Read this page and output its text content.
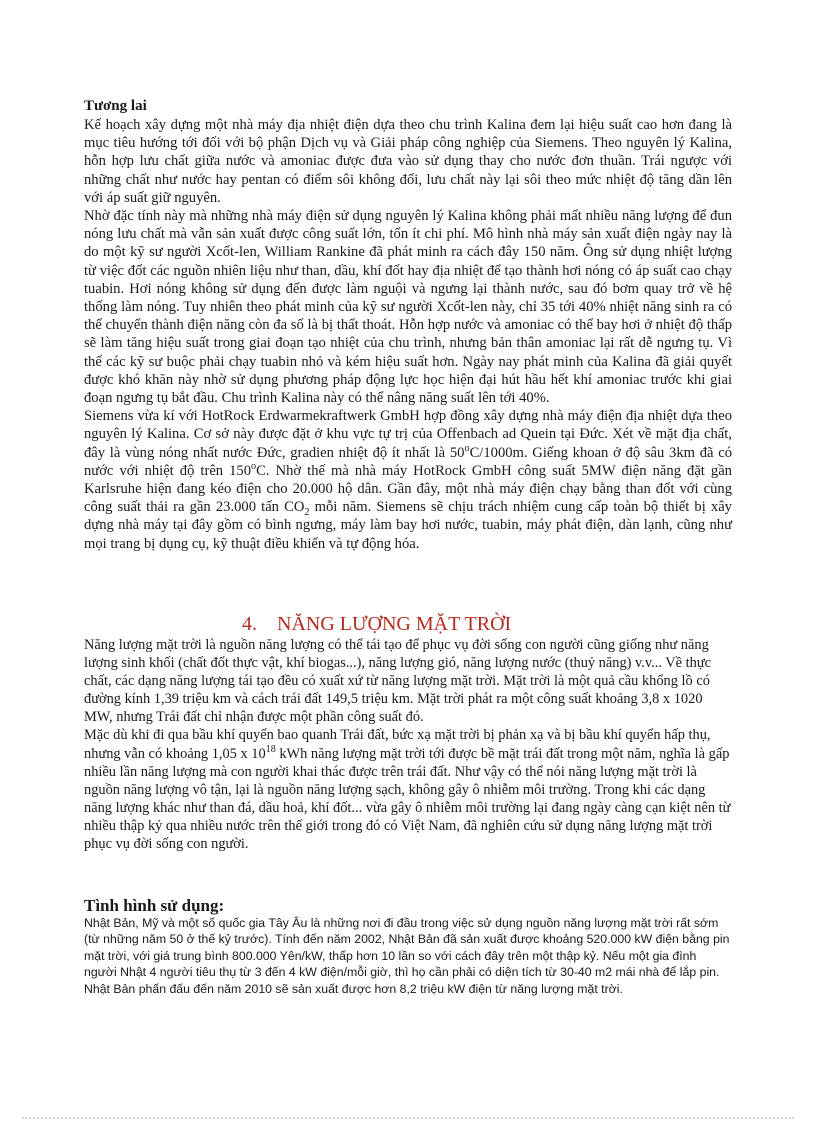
Tương lai

Kế hoạch xây dựng một nhà máy địa nhiệt điện dựa theo chu trình Kalina đem lại hiệu suất cao hơn đang là mục tiêu hướng tới đối với bộ phận Dịch vụ và Giải pháp công nghiệp của Siemens. Theo nguyên lý Kalina, hỗn hợp lưu chất giữa nước và amoniac được đưa vào sử dụng thay cho nước đơn thuần. Trái ngược với những chất như nước hay pentan có điểm sôi không đổi, lưu chất này lại sôi theo mức nhiệt độ tăng dần lên với áp suất giữ nguyên.

Nhờ đặc tính này mà những nhà máy điện sử dụng nguyên lý Kalina không phải mất nhiều năng lượng để đun nóng lưu chất mà vẫn sản xuất được công suất lớn, tốn ít chi phí. Mô hình nhà máy sản xuất điện ngày nay là do một kỹ sư người Xcốt-len, William Rankine đã phát minh ra cách đây 150 năm. Ông sử dụng nhiệt lượng từ việc đốt các nguồn nhiên liệu như than, dầu, khí đốt hay địa nhiệt để tạo thành hơi nóng có áp suất cao chạy tuabin. Hơi nóng không sử dụng đến được làm nguội và ngưng lại thành nước, sau đó bơm quay trở về hệ thống làm nóng. Tuy nhiên theo phát minh của kỹ sư người Xcốt-len này, chỉ 35 tới 40% nhiệt năng sinh ra có thể chuyển thành điện năng còn đa số là bị thất thoát. Hỗn hợp nước và amoniac có thể bay hơi ở nhiệt độ thấp sẽ làm tăng hiệu suất trong giai đoạn tạo nhiệt của chu trình, nhưng bản thân amoniac lại rất dễ ngưng tụ. Vì thế các kỹ sư buộc phải chạy tuabin nhỏ và kém hiệu suất hơn. Ngày nay phát minh của Kalina đã giải quyết được khó khăn này nhờ sử dụng phương pháp động lực học hiện đại hút hầu hết khí amoniac trước khi giai đoạn ngưng tụ bắt đầu. Chu trình Kalina này có thể nâng năng suất lên tới 40%.

Siemens vừa kí với HotRock Erdwarmekraftwerk GmbH hợp đồng xây dựng nhà máy điện địa nhiệt dựa theo nguyên lý Kalina. Cơ sở này được đặt ở khu vực tự trị của Offenbach ad Quein tại Đức. Xét về mặt địa chất, đây là vùng nóng nhất nước Đức, gradien nhiệt độ ít nhất là 50$^o$C/1000m. Giếng khoan ở độ sâu 3km đã có nước với nhiệt độ trên 150$^o$C. Nhờ thế mà nhà máy HotRock GmbH công suất 5MW điện năng đặt gần Karlsruhe hiện đang kéo điện cho 20.000 hộ dân. Gần đây, một nhà máy điện chạy bằng than đốt với cùng công suất thải ra gần 23.000 tấn $CO_2$ mỗi năm. Siemens sẽ chịu trách nhiệm cung cấp toàn bộ thiết bị xây dựng nhà máy tại đây gồm có bình ngưng, máy làm bay hơi nước, tuabin, máy phát điện, dàn lạnh, cũng như mọi trang bị dụng cụ, kỹ thuật điều khiển và tự động hóa.

4. NĂNG LƯỢNG MẶT TRỜI

Năng lượng mặt trời là nguồn năng lượng có thể tái tạo để phục vụ đời sống con người cũng giống như năng lượng sinh khối (chất đốt thực vật, khí biogas...), năng lượng gió, năng lượng nước (thuỷ năng) v.v... Về thực chất, các dạng năng lượng tái tạo đều có xuất xứ từ năng lượng mặt trời. Mặt trời là một quả cầu khổng lồ có đường kính 1,39 triệu km và cách trái đất 149,5 triệu km. Mặt trời phát ra một công suất khoảng 3,8 x 1020 MW, nhưng Trái đất chỉ nhận được một phần công suất đó.

Mặc dù khi đi qua bầu khí quyển bao quanh Trái đất, bức xạ mặt trời bị phản xạ và bị bầu khí quyển hấp thụ, nhưng vẫn có khoảng 1,05 x $10^{18}$ kWh năng lượng mặt trời tới được bề mặt trái đất trong một năm, nghĩa là gấp nhiều lần năng lượng mà con người khai thác được trên trái đất. Như vậy có thể nói năng lượng mặt trời là nguồn năng lượng vô tận, lại là nguồn năng lượng sạch, không gây ô nhiễm môi trường. Trong khi các dạng năng lượng khác như than đá, dầu hoả, khí đốt... vừa gây ô nhiễm môi trường lại đang ngày càng cạn kiệt nên từ nhiều thập kỷ qua nhiều nước trên thế giới trong đó có Việt Nam, đã nghiên cứu sử dụng năng lượng mặt trời phục vụ đời sống con người.

Tình hình sử dụng:

Nhật Bản, Mỹ và một số quốc gia Tây Âu là những nơi đi đầu trong việc sử dụng nguồn năng lượng mặt trời rất sớm (từ những năm 50 ở thế kỷ trước). Tính đến năm 2002, Nhật Bản đã sản xuất được khoảng 520.000 kW điện bằng pin mặt trời, với giá trung bình 800.000 Yên/kW, thấp hơn 10 lần so với cách đây trên một thập kỷ. Nếu một gia đình người Nhật 4 người tiêu thụ từ 3 đến 4 kW điện/mỗi giờ, thì họ cần phải có diện tích từ 30-40 m2 mái nhà để lắp pin. Nhật Bản phấn đấu đến năm 2010 sẽ sản xuất được hơn 8,2 triệu kW điện từ năng lượng mặt trời.
